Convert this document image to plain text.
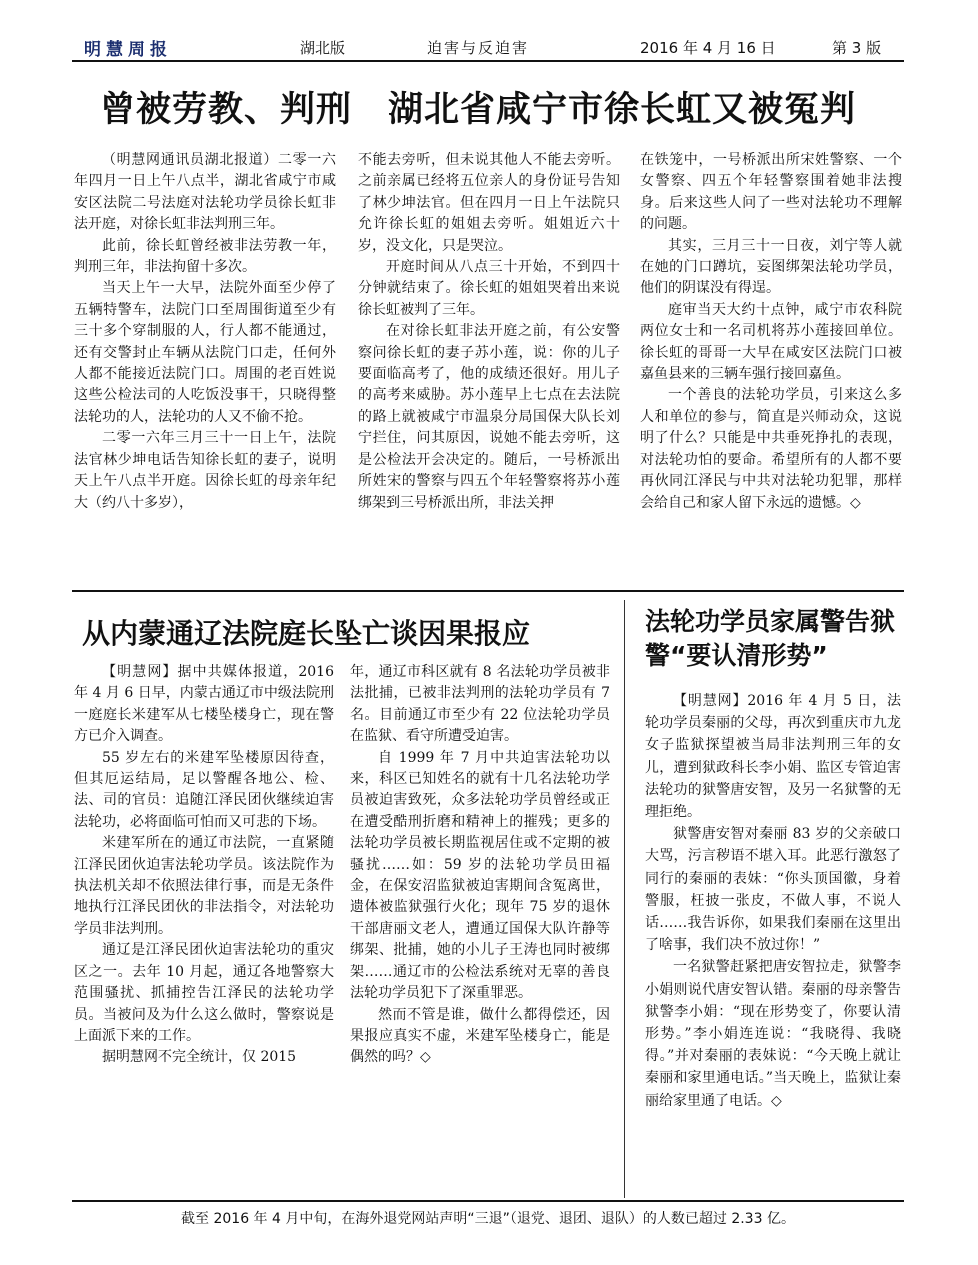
明慧周报	湖北版	迫害与反迫害	2016 年 4 月 16 日	第 3 版
曾被劳教、判刑　湖北省咸宁市徐长虹又被冤判

（明慧网通讯员湖北报道）二零一六年四月一日上午八点半，湖北省咸宁市咸安区法院二号法庭对法轮功学员徐长虹非法开庭，对徐长虹非法判刑三年。

此前，徐长虹曾经被非法劳教一年，判刑三年，非法拘留十多次。

当天上午一大早，法院外面至少停了五辆特警车，法院门口至周围街道至少有三十多个穿制服的人，行人都不能通过，还有交警封止车辆从法院门口走，任何外人都不能接近法院门口。周围的老百姓说这些公检法司的人吃饭没事干，只晓得整法轮功的人，法轮功的人又不偷不抢。

二零一六年三月三十一日上午，法院法官林少坤电话告知徐长虹的妻子，说明天上午八点半开庭。因徐长虹的母亲年纪大（约八十多岁），

不能去旁听，但未说其他人不能去旁听。之前亲属已经将五位亲人的身份证号告知了林少坤法官。但在四月一日上午法院只允许徐长虹的姐姐去旁听。姐姐近六十岁，没文化，只是哭泣。

开庭时间从八点三十开始，不到四十分钟就结束了。徐长虹的姐姐哭着出来说徐长虹被判了三年。

在对徐长虹非法开庭之前，有公安警察问徐长虹的妻子苏小莲，说：你的儿子要面临高考了，他的成绩还很好。用儿子的高考来威胁。苏小莲早上七点在去法院的路上就被咸宁市温泉分局国保大队长刘宁拦住，问其原因，说她不能去旁听，这是公检法开会决定的。随后，一号桥派出所姓宋的警察与四五个年轻警察将苏小莲绑架到三号桥派出所，非法关押

在铁笼中，一号桥派出所宋姓警察、一个女警察、四五个年轻警察围着她非法搜身。后来这些人问了一些对法轮功不理解的问题。

其实，三月三十一日夜，刘宁等人就在她的门口蹲坑，妄图绑架法轮功学员，他们的阴谋没有得逞。

庭审当天大约十点钟，咸宁市农科院两位女士和一名司机将苏小莲接回单位。徐长虹的哥哥一大早在咸安区法院门口被嘉鱼县来的三辆车强行接回嘉鱼。

一个善良的法轮功学员，引来这么多人和单位的参与，简直是兴师动众，这说明了什么？只能是中共垂死挣扎的表现，对法轮功怕的要命。希望所有的人都不要再伙同江泽民与中共对法轮功犯罪，那样会给自己和家人留下永远的遗憾。◇

从内蒙通辽法院庭长坠亡谈因果报应

【明慧网】据中共媒体报道，2016 年 4 月 6 日早，内蒙古通辽市中级法院刑一庭庭长米建军从七楼坠楼身亡，现在警方已介入调查。

55 岁左右的米建军坠楼原因待查，但其厄运结局，足以警醒各地公、检、法、司的官员：追随江泽民团伙继续迫害法轮功，必将面临可怕而又可悲的下场。

米建军所在的通辽市法院，一直紧随江泽民团伙迫害法轮功学员。该法院作为执法机关却不依照法律行事，而是无条件地执行江泽民团伙的非法指令，对法轮功学员非法判刑。

通辽是江泽民团伙迫害法轮功的重灾区之一。去年 10 月起，通辽各地警察大范围骚扰、抓捕控告江泽民的法轮功学员。当被问及为什么这么做时，警察说是上面派下来的工作。

据明慧网不完全统计，仅 2015

年，通辽市科区就有 8 名法轮功学员被非法批捕，已被非法判刑的法轮功学员有 7 名。目前通辽市至少有 22 位法轮功学员在监狱、看守所遭受迫害。

自 1999 年 7 月中共迫害法轮功以来，科区已知姓名的就有十几名法轮功学员被迫害致死，众多法轮功学员曾经或正在遭受酷刑折磨和精神上的摧残；更多的法轮功学员被长期监视居住或不定期的被骚扰……如：59 岁的法轮功学员田福金，在保安沼监狱被迫害期间含冤离世，遗体被监狱强行火化；现年 75 岁的退休干部唐丽文老人，遭通辽国保大队许静等绑架、批捕，她的小儿子王涛也同时被绑架……通辽市的公检法系统对无辜的善良法轮功学员犯下了深重罪恶。

然而不管是谁，做什么都得偿还，因果报应真实不虚，米建军坠楼身亡，能是偶然的吗？◇

法轮功学员家属警告狱警“要认清形势”

【明慧网】2016 年 4 月 5 日，法轮功学员秦丽的父母，再次到重庆市九龙女子监狱探望被当局非法判刑三年的女儿，遭到狱政科长李小娟、监区专管迫害法轮功的狱警唐安智，及另一名狱警的无理拒绝。

狱警唐安智对秦丽 83 岁的父亲破口大骂，污言秽语不堪入耳。此恶行激怒了同行的秦丽的表妹：“你头顶国徽，身着警服，枉披一张皮，不做人事，不说人话……我告诉你，如果我们秦丽在这里出了啥事，我们决不放过你！”

一名狱警赶紧把唐安智拉走，狱警李小娟则说代唐安智认错。秦丽的母亲警告狱警李小娟：“现在形势变了，你要认清形势。”李小娟连连说：“我晓得、我晓得。”并对秦丽的表妹说：“今天晚上就让秦丽和家里通电话。”当天晚上，监狱让秦丽给家里通了电话。◇

截至 2016 年 4 月中旬，在海外退党网站声明“三退”（退党、退团、退队）的人数已超过 2.33 亿。
